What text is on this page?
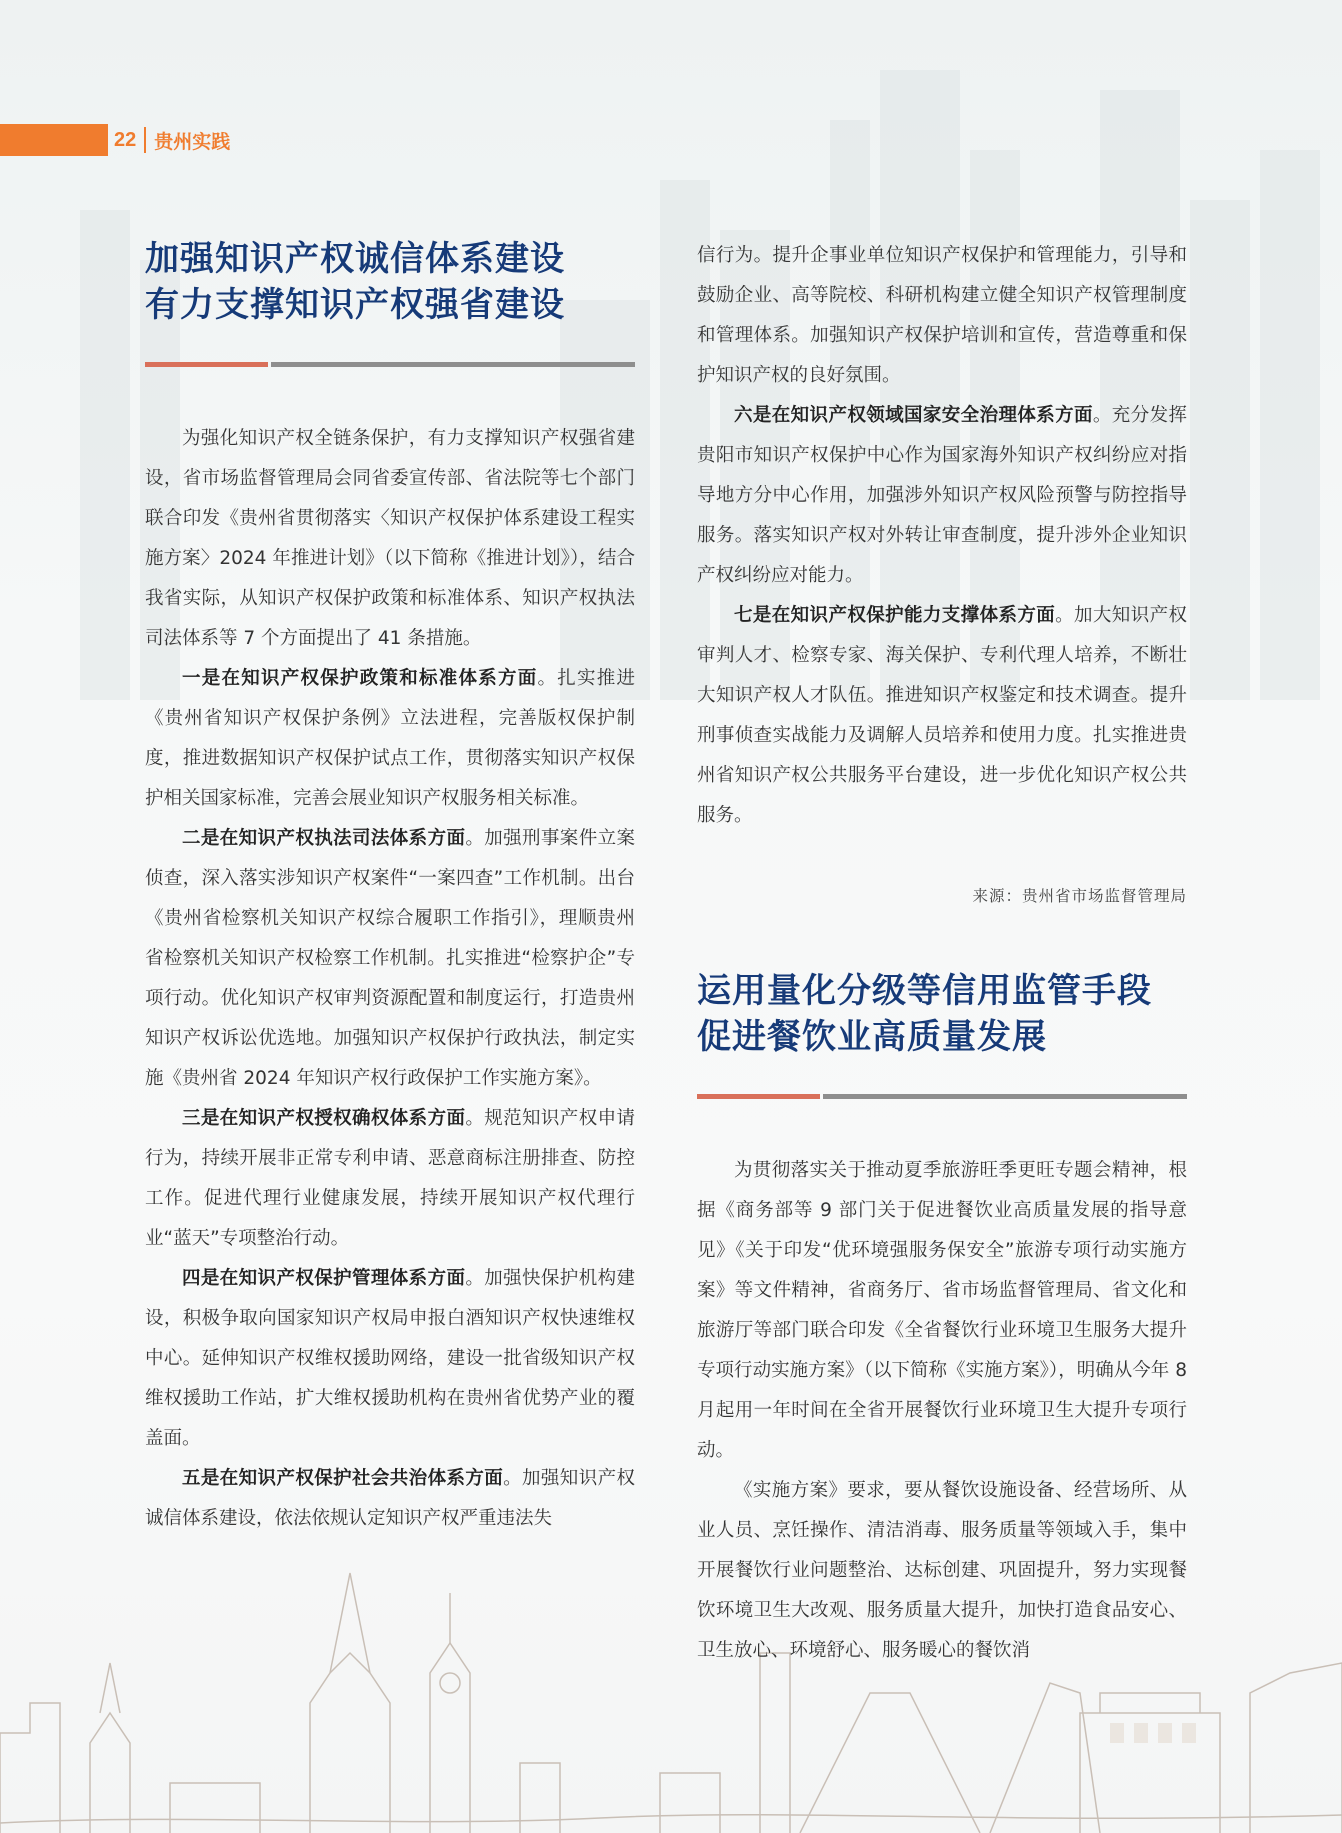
22 贵州实践
加强知识产权诚信体系建设
有力支撑知识产权强省建设

为强化知识产权全链条保护，有力支撑知识产权强省建设，省市场监督管理局会同省委宣传部、省法院等七个部门联合印发《贵州省贯彻落实〈知识产权保护体系建设工程实施方案〉2024 年推进计划》（以下简称《推进计划》），结合我省实际，从知识产权保护政策和标准体系、知识产权执法司法体系等 7 个方面提出了 41 条措施。

一是在知识产权保护政策和标准体系方面。扎实推进《贵州省知识产权保护条例》立法进程，完善版权保护制度，推进数据知识产权保护试点工作，贯彻落实知识产权保护相关国家标准，完善会展业知识产权服务相关标准。

二是在知识产权执法司法体系方面。加强刑事案件立案侦查，深入落实涉知识产权案件“一案四查”工作机制。出台《贵州省检察机关知识产权综合履职工作指引》，理顺贵州省检察机关知识产权检察工作机制。扎实推进“检察护企”专项行动。优化知识产权审判资源配置和制度运行，打造贵州知识产权诉讼优选地。加强知识产权保护行政执法，制定实施《贵州省 2024 年知识产权行政保护工作实施方案》。

三是在知识产权授权确权体系方面。规范知识产权申请行为，持续开展非正常专利申请、恶意商标注册排查、防控工作。促进代理行业健康发展，持续开展知识产权代理行业“蓝天”专项整治行动。

四是在知识产权保护管理体系方面。加强快保护机构建设，积极争取向国家知识产权局申报白酒知识产权快速维权中心。延伸知识产权维权援助网络，建设一批省级知识产权维权援助工作站，扩大维权援助机构在贵州省优势产业的覆盖面。

五是在知识产权保护社会共治体系方面。加强知识产权诚信体系建设，依法依规认定知识产权严重违法失

信行为。提升企事业单位知识产权保护和管理能力，引导和鼓励企业、高等院校、科研机构建立健全知识产权管理制度和管理体系。加强知识产权保护培训和宣传，营造尊重和保护知识产权的良好氛围。

六是在知识产权领域国家安全治理体系方面。充分发挥贵阳市知识产权保护中心作为国家海外知识产权纠纷应对指导地方分中心作用，加强涉外知识产权风险预警与防控指导服务。落实知识产权对外转让审查制度，提升涉外企业知识产权纠纷应对能力。

七是在知识产权保护能力支撑体系方面。加大知识产权审判人才、检察专家、海关保护、专利代理人培养，不断壮大知识产权人才队伍。推进知识产权鉴定和技术调查。提升刑事侦查实战能力及调解人员培养和使用力度。扎实推进贵州省知识产权公共服务平台建设，进一步优化知识产权公共服务。

来源：贵州省市场监督管理局

运用量化分级等信用监管手段
促进餐饮业高质量发展

为贯彻落实关于推动夏季旅游旺季更旺专题会精神，根据《商务部等 9 部门关于促进餐饮业高质量发展的指导意见》《关于印发“优环境强服务保安全”旅游专项行动实施方案》等文件精神，省商务厅、省市场监督管理局、省文化和旅游厅等部门联合印发《全省餐饮行业环境卫生服务大提升专项行动实施方案》（以下简称《实施方案》），明确从今年 8 月起用一年时间在全省开展餐饮行业环境卫生大提升专项行动。

《实施方案》要求，要从餐饮设施设备、经营场所、从业人员、烹饪操作、清洁消毒、服务质量等领域入手，集中开展餐饮行业问题整治、达标创建、巩固提升，努力实现餐饮环境卫生大改观、服务质量大提升，加快打造食品安心、卫生放心、环境舒心、服务暖心的餐饮消
